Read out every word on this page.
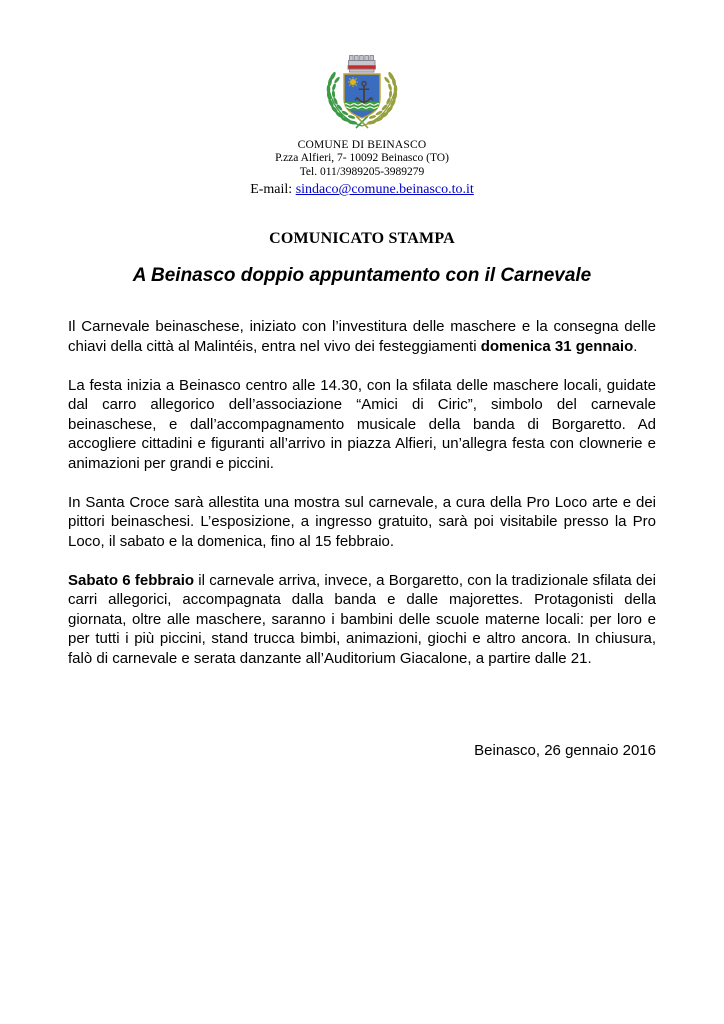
COMUNE DI BEINASCO
P.zza Alfieri, 7- 10092 Beinasco (TO)
Tel. 011/3989205-3989279
E-mail: sindaco@comune.beinasco.to.it
COMUNICATO STAMPA
A Beinasco doppio appuntamento con il Carnevale

Il Carnevale beinaschese, iniziato con l’investitura delle maschere e la consegna delle chiavi della città al Malintéis, entra nel vivo dei festeggiamenti domenica 31 gennaio.

La festa inizia a Beinasco centro alle 14.30, con la sfilata delle maschere locali, guidate dal carro allegorico dell’associazione “Amici di Ciric”, simbolo del carnevale beinaschese, e dall’accompagnamento musicale della banda di Borgaretto. Ad accogliere cittadini e figuranti all’arrivo in piazza Alfieri, un’allegra festa con clownerie e animazioni per grandi e piccini.

In Santa Croce sarà allestita una mostra sul carnevale, a cura della Pro Loco arte e dei pittori beinaschesi. L’esposizione, a ingresso gratuito, sarà poi visitabile presso la Pro Loco, il sabato e la domenica, fino al 15 febbraio.

Sabato 6 febbraio il carnevale arriva, invece, a Borgaretto, con la tradizionale sfilata dei carri allegorici, accompagnata dalla banda e dalle majorettes. Protagonisti della giornata, oltre alle maschere, saranno i bambini delle scuole materne locali: per loro e per tutti i più piccini, stand trucca bimbi, animazioni, giochi e altro ancora. In chiusura, falò di carnevale e serata danzante all’Auditorium Giacalone, a partire dalle 21.

Beinasco, 26 gennaio 2016
